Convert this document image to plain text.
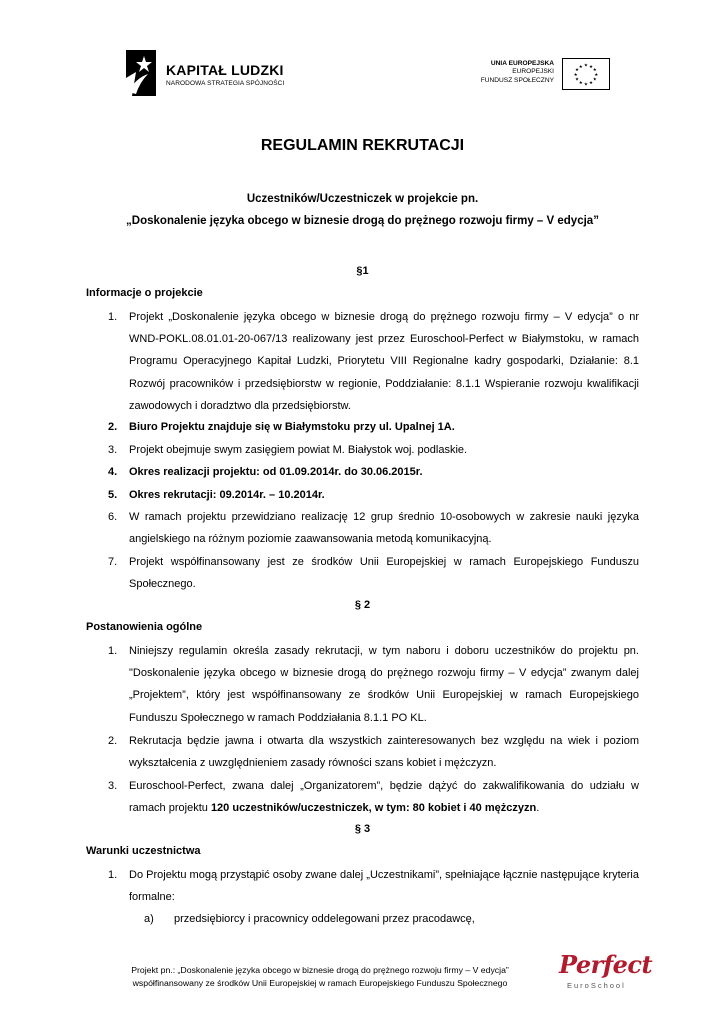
KAPITAŁ LUDZKI
NARODOWA STRATEGIA SPÓJNOŚCI
UNIA EUROPEJSKA
EUROPEJSKI
FUNDUSZ SPOŁECZNY
★ ★
★
★
★
★
★
★
★
★
★
★
REGULAMIN REKRUTACJI
Uczestników/Uczestniczek w projekcie pn.
„Doskonalenie języka obcego w biznesie drogą do prężnego rozwoju firmy – V edycja”
§1
Informacje o projekcie
1. Projekt „Doskonalenie języka obcego w biznesie drogą do prężnego rozwoju firmy – V edycja” o nr WND-POKL.08.01.01-20-067/13 realizowany jest przez Euroschool-Perfect w Białymstoku, w ramach Programu Operacyjnego Kapitał Ludzki, Priorytetu VIII Regionalne kadry gospodarki, Działanie: 8.1 Rozwój pracowników i przedsiębiorstw w regionie, Poddziałanie: 8.1.1 Wspieranie rozwoju kwalifikacji zawodowych i doradztwo dla przedsiębiorstw.
2. Biuro Projektu znajduje się w Białymstoku przy ul. Upalnej 1A.
3. Projekt obejmuje swym zasięgiem powiat M. Białystok woj. podlaskie.
4. Okres realizacji projektu: od 01.09.2014r. do 30.06.2015r.
5. Okres rekrutacji: 09.2014r. – 10.2014r.
6. W ramach projektu przewidziano realizację 12 grup średnio 10-osobowych w zakresie nauki języka angielskiego na różnym poziomie zaawansowania metodą komunikacyjną.
7. Projekt współfinansowany jest ze środków Unii Europejskiej w ramach Europejskiego Funduszu Społecznego.
§ 2
Postanowienia ogólne
1. Niniejszy regulamin określa zasady rekrutacji, w tym naboru i doboru uczestników do projektu pn. "Doskonalenie języka obcego w biznesie drogą do prężnego rozwoju firmy – V edycja” zwanym dalej „Projektem”, który jest współfinansowany ze środków Unii Europejskiej w ramach Europejskiego Funduszu Społecznego w ramach Poddziałania 8.1.1 PO KL.
2. Rekrutacja będzie jawna i otwarta dla wszystkich zainteresowanych bez względu na wiek i poziom wykształcenia z uwzględnieniem zasady równości szans kobiet i mężczyzn.
3. Euroschool-Perfect, zwana dalej „Organizatorem”, będzie dążyć do zakwalifikowania do udziału w ramach projektu 120 uczestników/uczestniczek, w tym: 80 kobiet i 40 mężczyzn.
§ 3
Warunki uczestnictwa
1. Do Projektu mogą przystąpić osoby zwane dalej „Uczestnikami”, spełniające łącznie następujące kryteria formalne:
a) przedsiębiorcy i pracownicy oddelegowani przez pracodawcę,
Projekt pn.: „Doskonalenie języka obcego w biznesie drogą do prężnego rozwoju firmy – V edycja”
współfinansowany ze środków Unii Europejskiej w ramach Europejskiego Funduszu Społecznego
Perfect
EuroSchool
